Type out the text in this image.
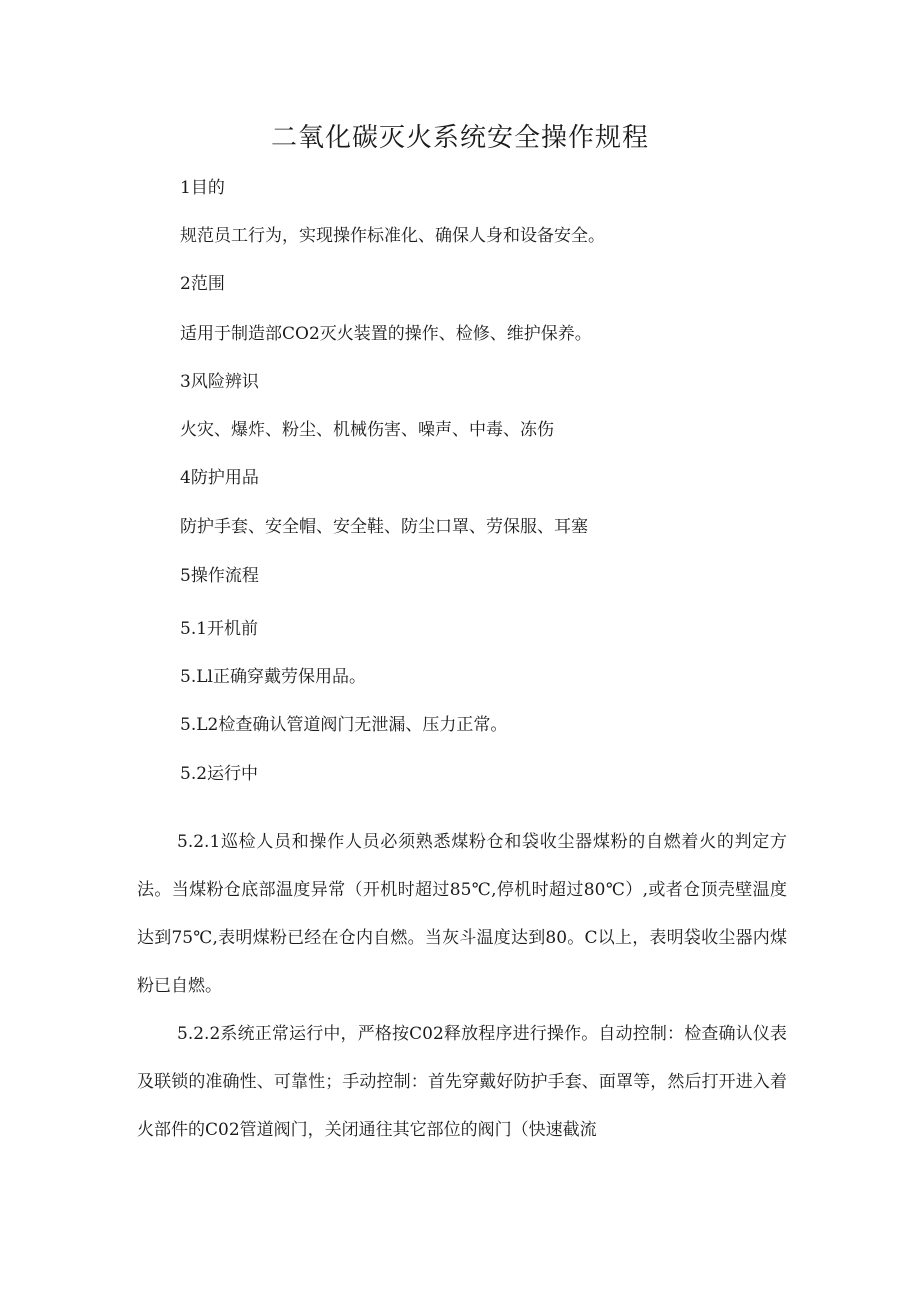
二氧化碳灭火系统安全操作规程
1目的
规范员工行为，实现操作标准化、确保人身和设备安全。
2范围
适用于制造部CO2灭火装置的操作、检修、维护保养。
3风险辨识
火灾、爆炸、粉尘、机械伤害、噪声、中毒、冻伤
4防护用品
防护手套、安全帽、安全鞋、防尘口罩、劳保服、耳塞
5操作流程
5.1开机前
5.Ll正确穿戴劳保用品。
5.L2检查确认管道阀门无泄漏、压力正常。
5.2运行中

5.2.1巡检人员和操作人员必须熟悉煤粉仓和袋收尘器煤粉的自燃着火的判定方法。当煤粉仓底部温度异常（开机时超过85℃,停机时超过80℃）,或者仓顶壳壁温度达到75℃,表明煤粉已经在仓内自燃。当灰斗温度达到80。C以上，表明袋收尘器内煤粉已自燃。

5.2.2系统正常运行中，严格按C02释放程序进行操作。自动控制：检查确认仪表及联锁的准确性、可靠性；手动控制：首先穿戴好防护手套、面罩等，然后打开进入着火部件的C02管道阀门，关闭通往其它部位的阀门（快速截流
